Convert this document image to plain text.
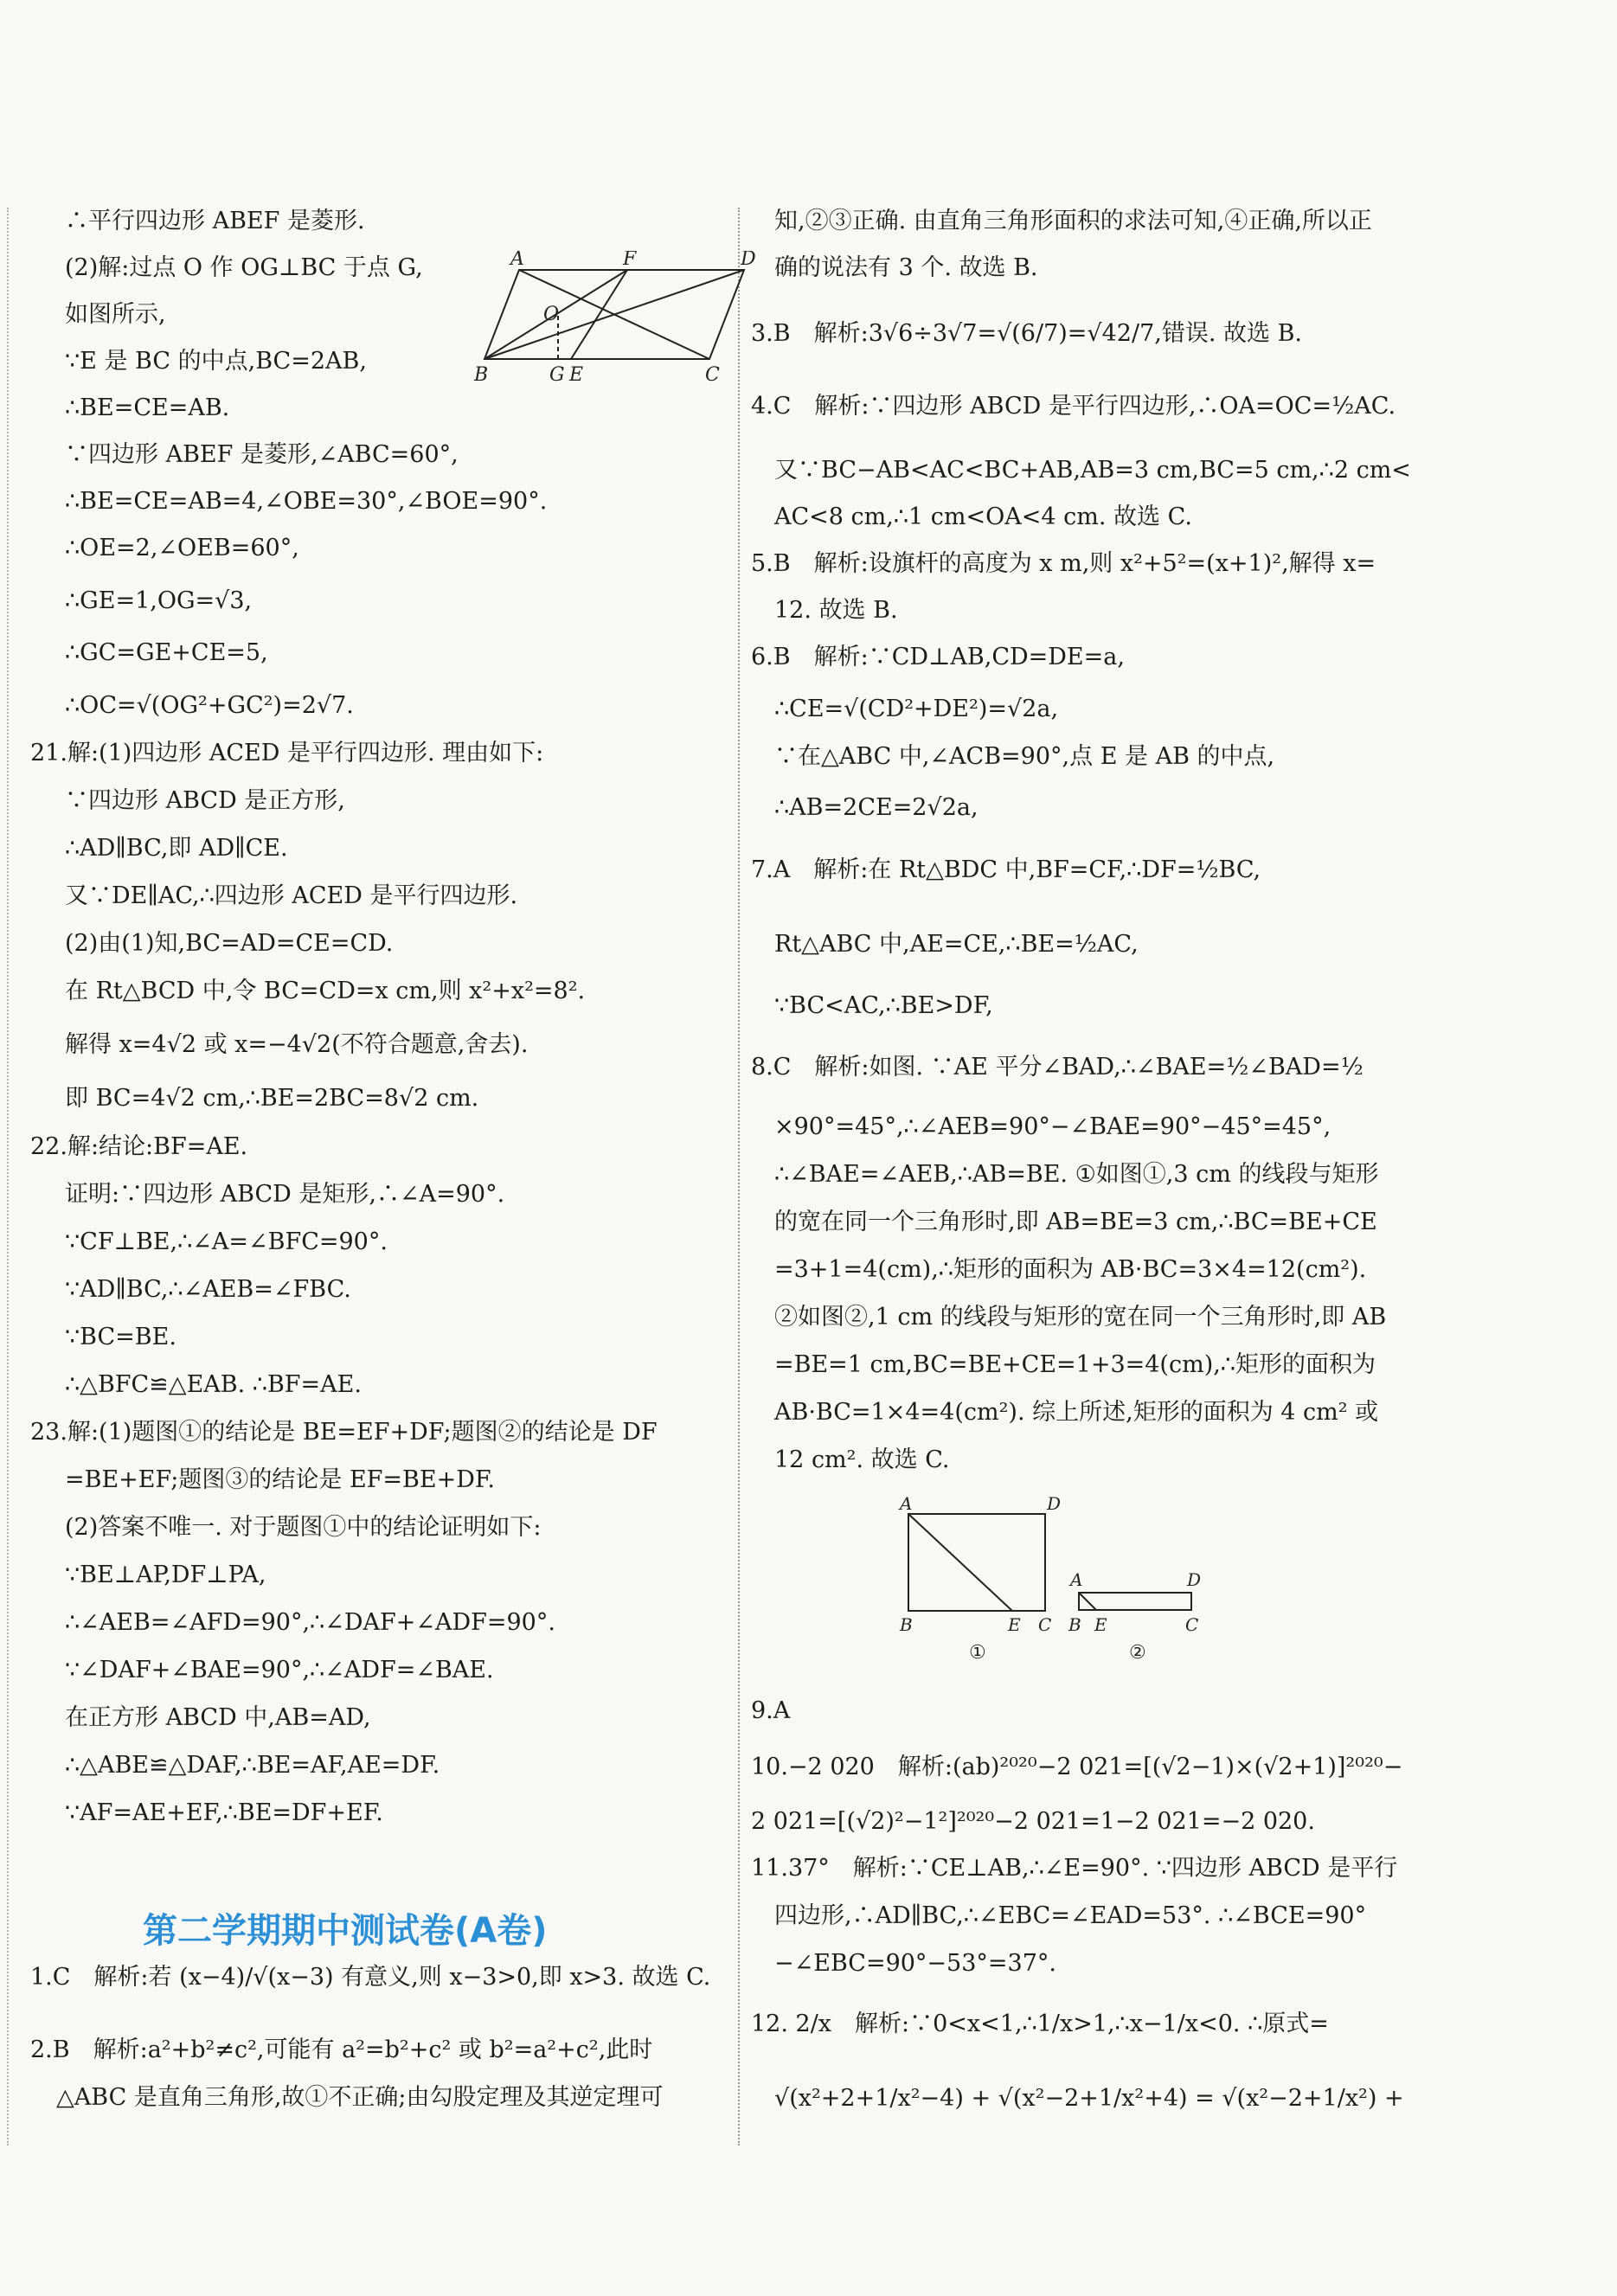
∴平行四边形 ABEF 是菱形.
(2)解:过点 O 作 OG⊥BC 于点 G,
如图所示,
∵E 是 BC 的中点,BC=2AB,
∴BE=CE=AB.
∵四边形 ABEF 是菱形,∠ABC=60°,
∴BE=CE=AB=4,∠OBE=30°,∠BOE=90°.
∴OE=2,∠OEB=60°,
∴GE=1,OG=√3,
∴GC=GE+CE=5,
∴OC=√(OG²+GC²)=2√7.
21.解:(1)四边形 ACED 是平行四边形. 理由如下:
∵四边形 ABCD 是正方形,
∴AD∥BC,即 AD∥CE.
又∵DE∥AC,∴四边形 ACED 是平行四边形.
(2)由(1)知,BC=AD=CE=CD.
在 Rt△BCD 中,令 BC=CD=x cm,则 x²+x²=8².
解得 x=4√2 或 x=−4√2(不符合题意,舍去).
即 BC=4√2 cm,∴BE=2BC=8√2 cm.
22.解:结论:BF=AE.
证明:∵四边形 ABCD 是矩形,∴∠A=90°.
∵CF⊥BE,∴∠A=∠BFC=90°.
∵AD∥BC,∴∠AEB=∠FBC.
∵BC=BE.
∴△BFC≌△EAB. ∴BF=AE.
23.解:(1)题图①的结论是 BE=EF+DF;题图②的结论是 DF
=BE+EF;题图③的结论是 EF=BE+DF.
(2)答案不唯一. 对于题图①中的结论证明如下:
∵BE⊥AP,DF⊥PA,
∴∠AEB=∠AFD=90°,∴∠DAF+∠ADF=90°.
∵∠DAF+∠BAE=90°,∴∠ADF=∠BAE.
在正方形 ABCD 中,AB=AD,
∴△ABE≌△DAF,∴BE=AF,AE=DF.
∵AF=AE+EF,∴BE=DF+EF.
1.C　解析:若 (x−4)/√(x−3) 有意义,则 x−3>0,即 x>3. 故选 C.
2.B　解析:a²+b²≠c²,可能有 a²=b²+c² 或 b²=a²+c²,此时
△ABC 是直角三角形,故①不正确;由勾股定理及其逆定理可
A	F	D
O
B	G E	C
第二学期期中测试卷(A卷)
知,②③正确. 由直角三角形面积的求法可知,④正确,所以正
确的说法有 3 个. 故选 B.
3.B　解析:3√6÷3√7=√(6/7)=√42/7,错误. 故选 B.
4.C　解析:∵四边形 ABCD 是平行四边形,∴OA=OC=½AC.
又∵BC−AB<AC<BC+AB,AB=3 cm,BC=5 cm,∴2 cm<
AC<8 cm,∴1 cm<OA<4 cm. 故选 C.
5.B　解析:设旗杆的高度为 x m,则 x²+5²=(x+1)²,解得 x=
12. 故选 B.
6.B　解析:∵CD⊥AB,CD=DE=a,
∴CE=√(CD²+DE²)=√2a,
∵在△ABC 中,∠ACB=90°,点 E 是 AB 的中点,
∴AB=2CE=2√2a,
7.A　解析:在 Rt△BDC 中,BF=CF,∴DF=½BC,
Rt△ABC 中,AE=CE,∴BE=½AC,
∵BC<AC,∴BE>DF,
8.C　解析:如图. ∵AE 平分∠BAD,∴∠BAE=½∠BAD=½
×90°=45°,∴∠AEB=90°−∠BAE=90°−45°=45°,
∴∠BAE=∠AEB,∴AB=BE. ①如图①,3 cm 的线段与矩形
的宽在同一个三角形时,即 AB=BE=3 cm,∴BC=BE+CE
=3+1=4(cm),∴矩形的面积为 AB·BC=3×4=12(cm²).
②如图②,1 cm 的线段与矩形的宽在同一个三角形时,即 AB
=BE=1 cm,BC=BE+CE=1+3=4(cm),∴矩形的面积为
AB·BC=1×4=4(cm²). 综上所述,矩形的面积为 4 cm² 或
12 cm². 故选 C.
A	D
B	E C
A	D
B E	C
①	②
9.A
10.−2 020　解析:(ab)²⁰²⁰−2 021=[(√2−1)×(√2+1)]²⁰²⁰−
2 021=[(√2)²−1²]²⁰²⁰−2 021=1−2 021=−2 020.
11.37°　解析:∵CE⊥AB,∴∠E=90°. ∵四边形 ABCD 是平行
四边形,∴AD∥BC,∴∠EBC=∠EAD=53°. ∴∠BCE=90°
−∠EBC=90°−53°=37°.
12. 2/x　解析:∵0<x<1,∴1/x>1,∴x−1/x<0. ∴原式=
√(x²+2+1/x²−4) + √(x²−2+1/x²+4) = √(x²−2+1/x²) +
